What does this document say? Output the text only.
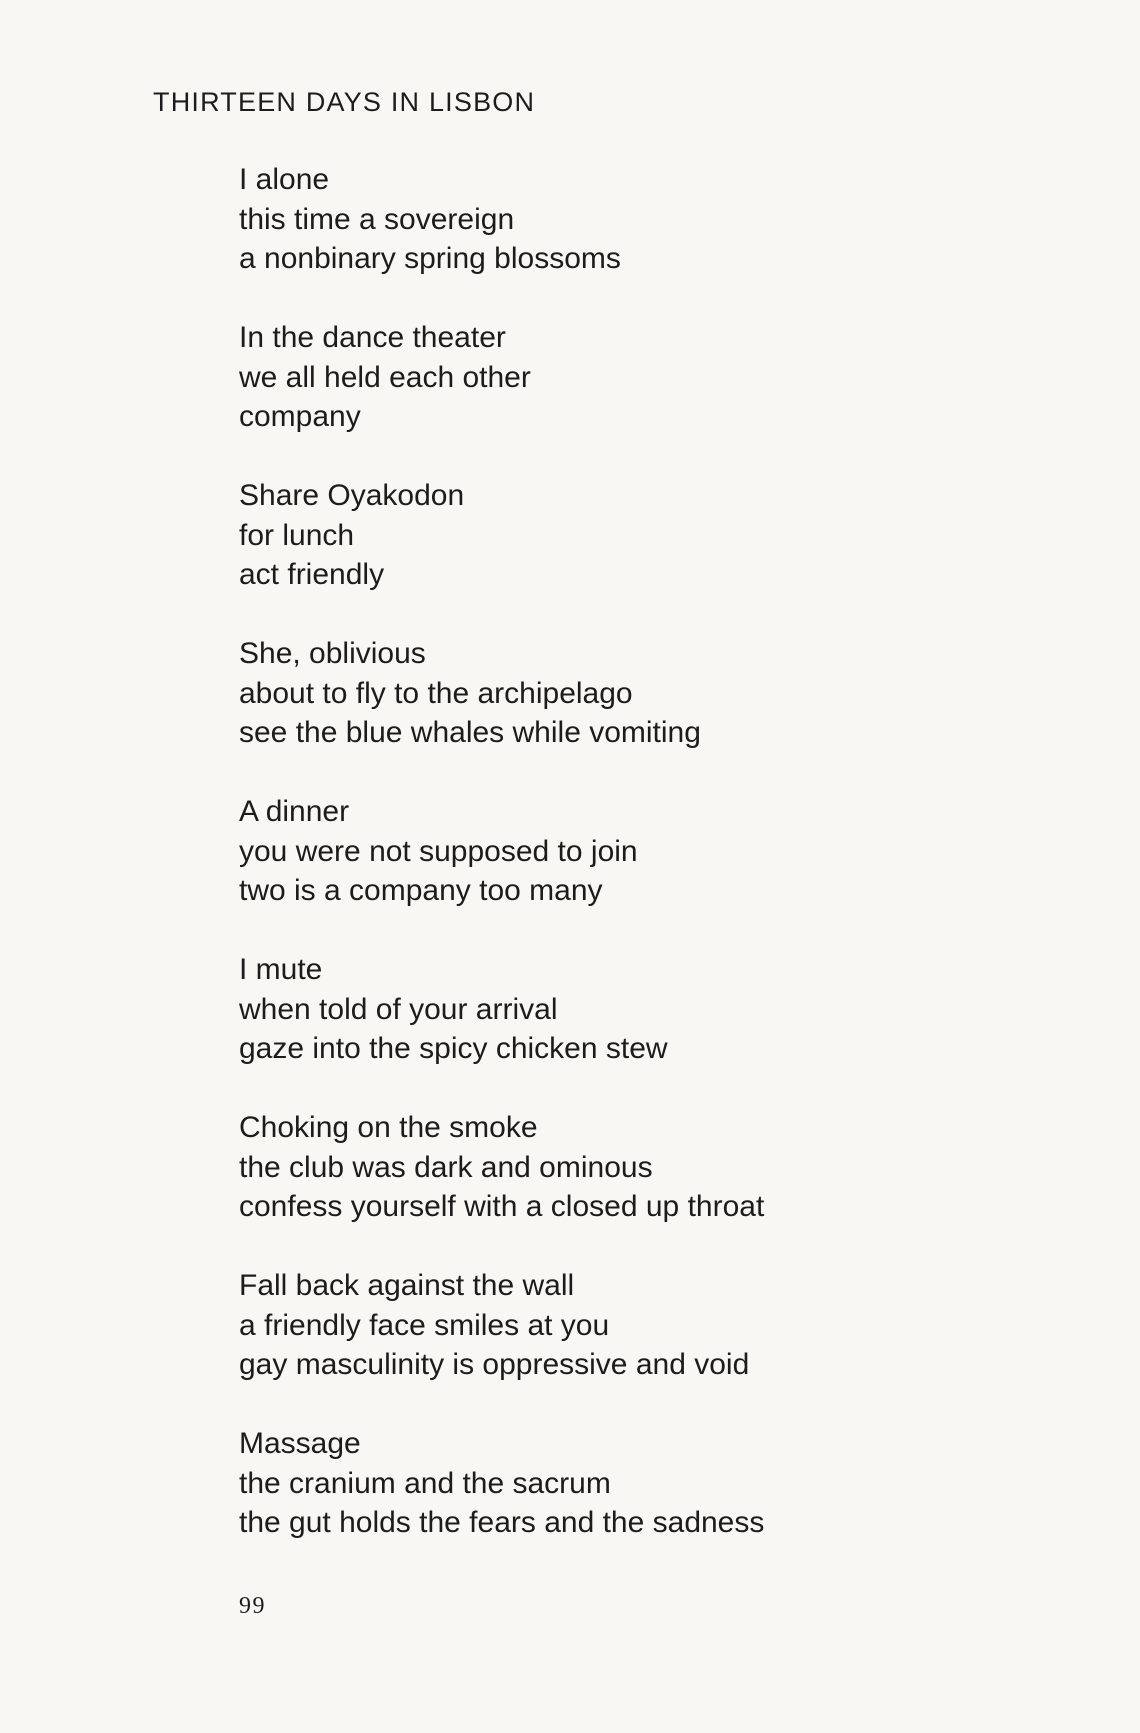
THIRTEEN DAYS IN LISBON
I alone
this time a sovereign
a nonbinary spring blossoms
In the dance theater
we all held each other
company
Share Oyakodon
for lunch
act friendly
She, oblivious
about to fly to the archipelago
see the blue whales while vomiting
A dinner
you were not supposed to join
two is a company too many
I mute
when told of your arrival
gaze into the spicy chicken stew
Choking on the smoke
the club was dark and ominous
confess yourself with a closed up throat
Fall back against the wall
a friendly face smiles at you
gay masculinity is oppressive and void
Massage
the cranium and the sacrum
the gut holds the fears and the sadness
99
